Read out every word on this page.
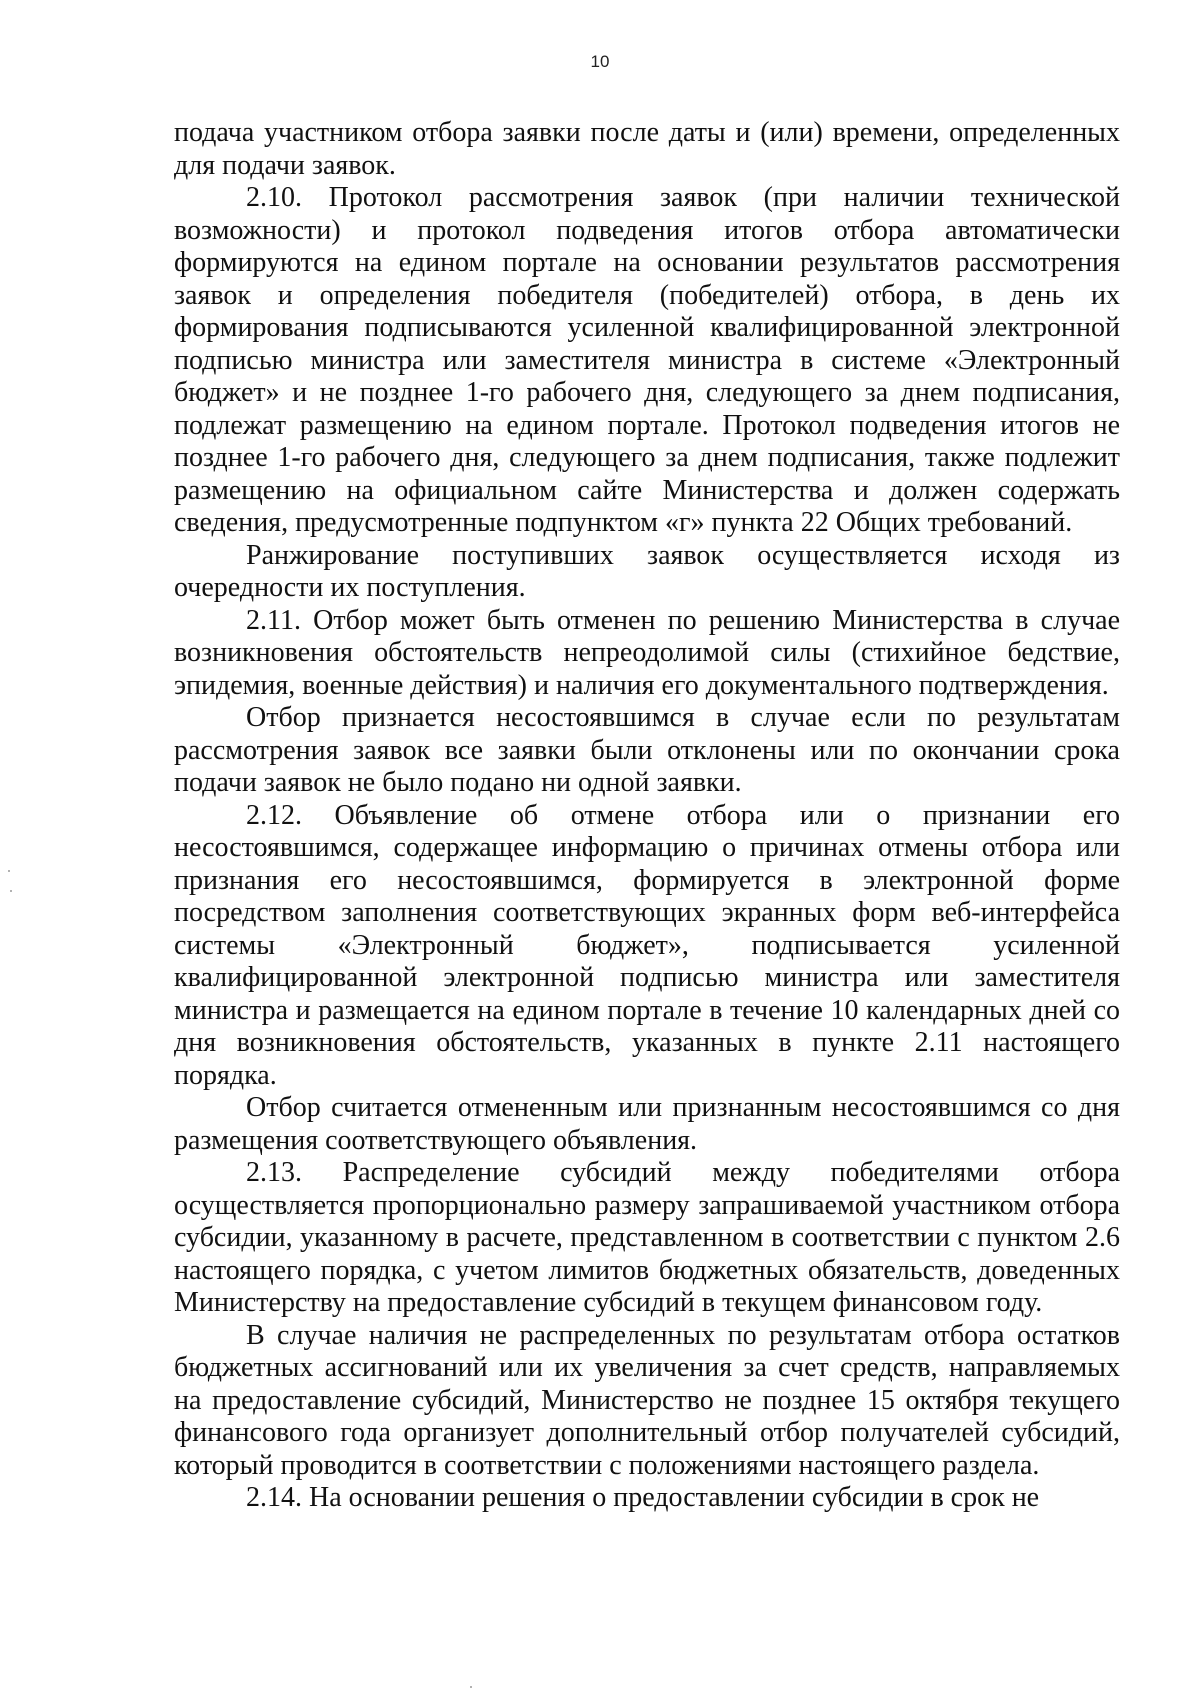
10

подача участником отбора заявки после даты и (или) времени, определенных для подачи заявок.

2.10. Протокол рассмотрения заявок (при наличии технической возможности) и протокол подведения итогов отбора автоматически формируются на едином портале на основании результатов рассмотрения заявок и определения победителя (победителей) отбора, в день их формирования подписываются усиленной квалифицированной электронной подписью министра или заместителя министра в системе «Электронный бюджет» и не позднее 1-го рабочего дня, следующего за днем подписания, подлежат размещению на едином портале. Протокол подведения итогов не позднее 1-го рабочего дня, следующего за днем подписания, также подлежит размещению на официальном сайте Министерства и должен содержать сведения, предусмотренные подпунктом «г» пункта 22 Общих требований.

Ранжирование поступивших заявок осуществляется исходя из очередности их поступления.

2.11. Отбор может быть отменен по решению Министерства в случае возникновения обстоятельств непреодолимой силы (стихийное бедствие, эпидемия, военные действия) и наличия его документального подтверждения.

Отбор признается несостоявшимся в случае если по результатам рассмотрения заявок все заявки были отклонены или по окончании срока подачи заявок не было подано ни одной заявки.

2.12. Объявление об отмене отбора или о признании его несостоявшимся, содержащее информацию о причинах отмены отбора или признания его несостоявшимся, формируется в электронной форме посредством заполнения соответствующих экранных форм веб-интерфейса системы «Электронный бюджет», подписывается усиленной квалифицированной электронной подписью министра или заместителя министра и размещается на едином портале в течение 10 календарных дней со дня возникновения обстоятельств, указанных в пункте 2.11 настоящего порядка.

Отбор считается отмененным или признанным несостоявшимся со дня размещения соответствующего объявления.

2.13. Распределение субсидий между победителями отбора осуществляется пропорционально размеру запрашиваемой участником отбора субсидии, указанному в расчете, представленном в соответствии с пунктом 2.6 настоящего порядка, с учетом лимитов бюджетных обязательств, доведенных Министерству на предоставление субсидий в текущем финансовом году.

В случае наличия не распределенных по результатам отбора остатков бюджетных ассигнований или их увеличения за счет средств, направляемых на предоставление субсидий, Министерство не позднее 15 октября текущего финансового года организует дополнительный отбор получателей субсидий, который проводится в соответствии с положениями настоящего раздела.

2.14. На основании решения о предоставлении субсидии в срок не
